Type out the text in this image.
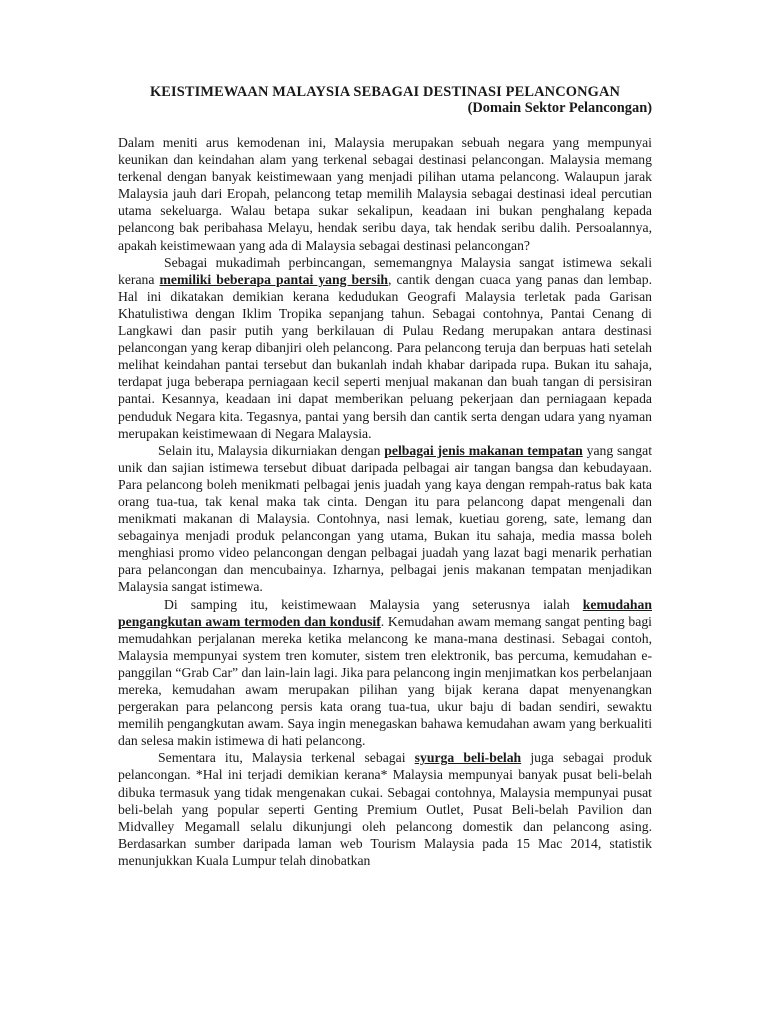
KEISTIMEWAAN MALAYSIA SEBAGAI DESTINASI PELANCONGAN

(Domain Sektor Pelancongan)

Dalam meniti arus kemodenan ini, Malaysia merupakan sebuah negara yang mempunyai keunikan dan keindahan alam yang terkenal sebagai destinasi pelancongan. Malaysia memang terkenal dengan banyak keistimewaan yang menjadi pilihan utama pelancong. Walaupun jarak Malaysia jauh dari Eropah, pelancong tetap memilih Malaysia sebagai destinasi ideal percutian utama sekeluarga. Walau betapa sukar sekalipun, keadaan ini bukan penghalang kepada pelancong bak peribahasa Melayu, hendak seribu daya, tak hendak seribu dalih. Persoalannya, apakah keistimewaan yang ada di Malaysia sebagai destinasi pelancongan?

Sebagai mukadimah perbincangan, sememangnya Malaysia sangat istimewa sekali kerana memiliki beberapa pantai yang bersih, cantik dengan cuaca yang panas dan lembap. Hal ini dikatakan demikian kerana kedudukan Geografi Malaysia terletak pada Garisan Khatulistiwa dengan Iklim Tropika sepanjang tahun. Sebagai contohnya, Pantai Cenang di Langkawi dan pasir putih yang berkilauan di Pulau Redang merupakan antara destinasi pelancongan yang kerap dibanjiri oleh pelancong. Para pelancong teruja dan berpuas hati setelah melihat keindahan pantai tersebut dan bukanlah indah khabar daripada rupa. Bukan itu sahaja, terdapat juga beberapa perniagaan kecil seperti menjual makanan dan buah tangan di persisiran pantai. Kesannya, keadaan ini dapat memberikan peluang pekerjaan dan perniagaan kepada penduduk Negara kita. Tegasnya, pantai yang bersih dan cantik serta dengan udara yang nyaman merupakan keistimewaan di Negara Malaysia.

Selain itu, Malaysia dikurniakan dengan pelbagai jenis makanan tempatan yang sangat unik dan sajian istimewa tersebut dibuat daripada pelbagai air tangan bangsa dan kebudayaan. Para pelancong boleh menikmati pelbagai jenis juadah yang kaya dengan rempah-ratus bak kata orang tua-tua, tak kenal maka tak cinta. Dengan itu para pelancong dapat mengenali dan menikmati makanan di Malaysia. Contohnya, nasi lemak, kuetiau goreng, sate, lemang dan sebagainya menjadi produk pelancongan yang utama, Bukan itu sahaja, media massa boleh menghiasi promo video pelancongan dengan pelbagai juadah yang lazat bagi menarik perhatian para pelancongan dan mencubainya. Izharnya, pelbagai jenis makanan tempatan menjadikan Malaysia sangat istimewa.

Di samping itu, keistimewaan Malaysia yang seterusnya ialah kemudahan pengangkutan awam termoden dan kondusif. Kemudahan awam memang sangat penting bagi memudahkan perjalanan mereka ketika melancong ke mana-mana destinasi. Sebagai contoh, Malaysia mempunyai system tren komuter, sistem tren elektronik, bas percuma, kemudahan e-panggilan “Grab Car” dan lain-lain lagi. Jika para pelancong ingin menjimatkan kos perbelanjaan mereka, kemudahan awam merupakan pilihan yang bijak kerana dapat menyenangkan pergerakan para pelancong persis kata orang tua-tua, ukur baju di badan sendiri, sewaktu memilih pengangkutan awam. Saya ingin menegaskan bahawa kemudahan awam yang berkualiti dan selesa makin istimewa di hati pelancong.

Sementara itu, Malaysia terkenal sebagai syurga beli-belah juga sebagai produk pelancongan. *Hal ini terjadi demikian kerana* Malaysia mempunyai banyak pusat beli-belah dibuka termasuk yang tidak mengenakan cukai. Sebagai contohnya, Malaysia mempunyai pusat beli-belah yang popular seperti Genting Premium Outlet, Pusat Beli-belah Pavilion dan Midvalley Megamall selalu dikunjungi oleh pelancong domestik dan pelancong asing. Berdasarkan sumber daripada laman web Tourism Malaysia pada 15 Mac 2014, statistik menunjukkan Kuala Lumpur telah dinobatkan
